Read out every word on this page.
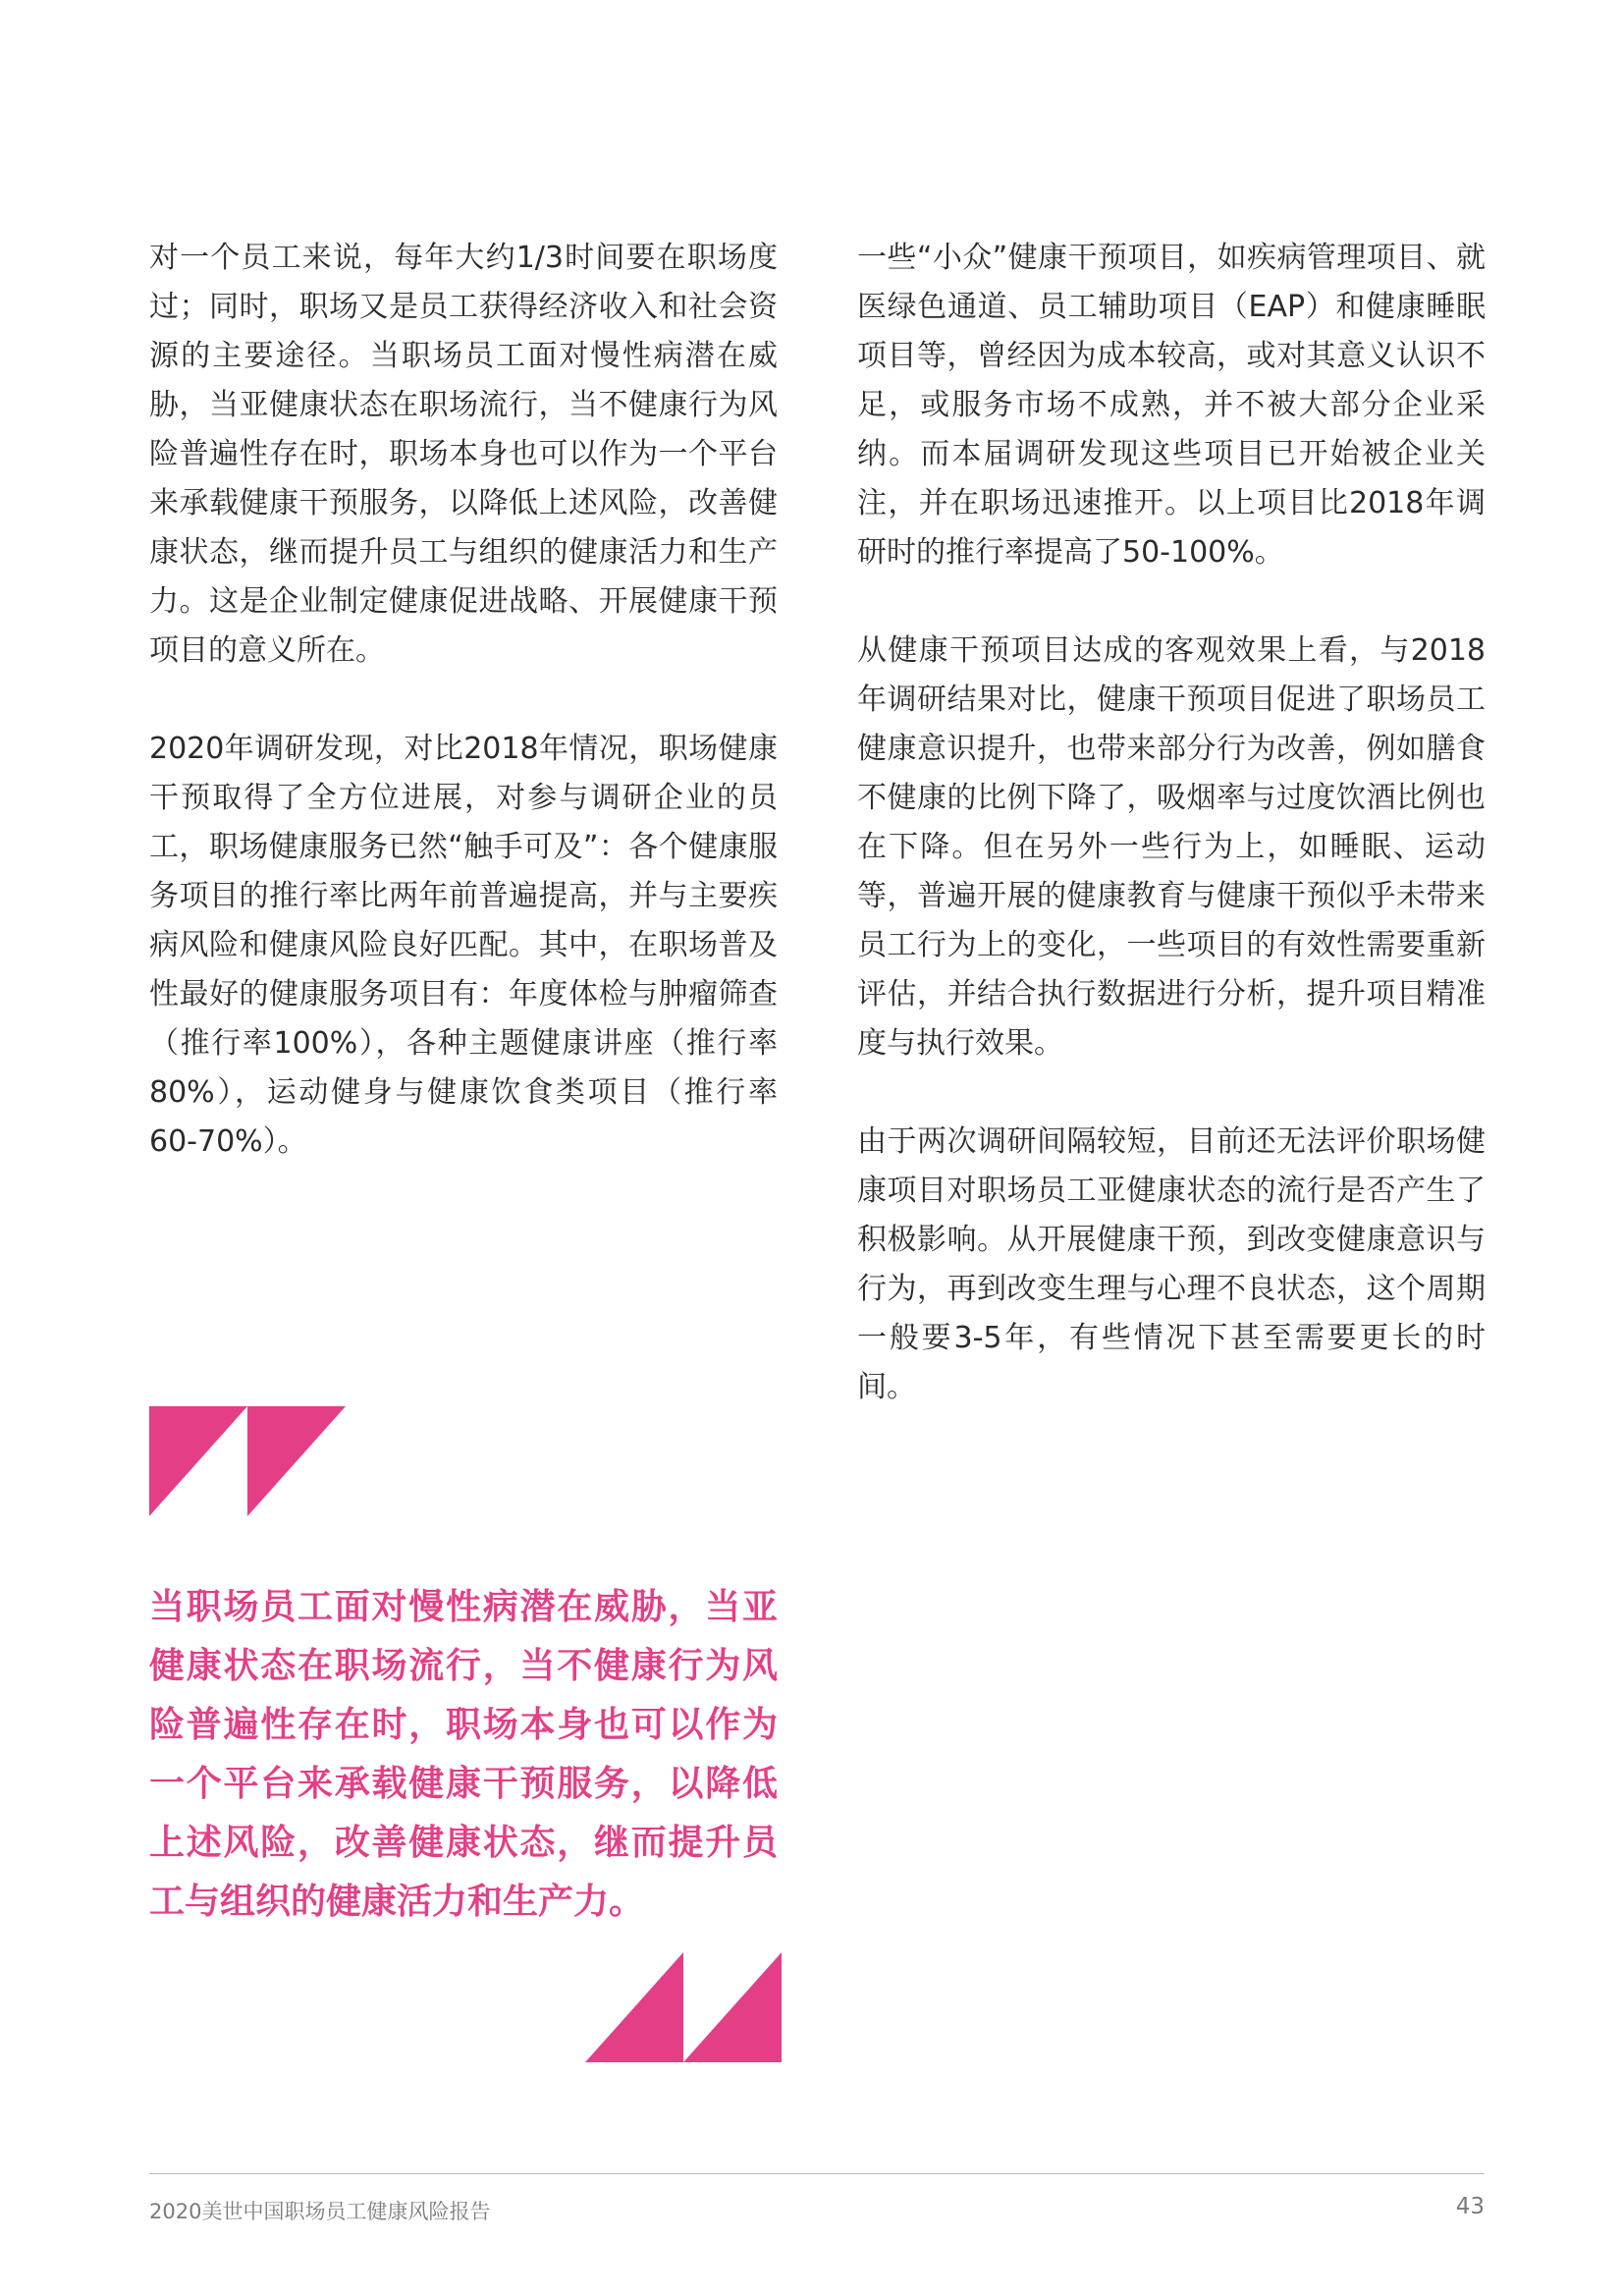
对一个员工来说，每年大约1/3时间要在职场度过；同时，职场又是员工获得经济收入和社会资源的主要途径。当职场员工面对慢性病潜在威胁，当亚健康状态在职场流行，当不健康行为风险普遍性存在时，职场本身也可以作为一个平台来承载健康干预服务，以降低上述风险，改善健康状态，继而提升员工与组织的健康活力和生产力。这是企业制定健康促进战略、开展健康干预项目的意义所在。

2020年调研发现，对比2018年情况，职场健康干预取得了全方位进展，对参与调研企业的员工，职场健康服务已然“触手可及”：各个健康服务项目的推行率比两年前普遍提高，并与主要疾病风险和健康风险良好匹配。其中，在职场普及性最好的健康服务项目有：年度体检与肿瘤筛查（推行率100%），各种主题健康讲座（推行率80%），运动健身与健康饮食类项目（推行率60-70%）。

一些“小众”健康干预项目，如疾病管理项目、就医绿色通道、员工辅助项目（EAP）和健康睡眠项目等，曾经因为成本较高，或对其意义认识不足，或服务市场不成熟，并不被大部分企业采纳。而本届调研发现这些项目已开始被企业关注，并在职场迅速推开。以上项目比2018年调研时的推行率提高了50-100%。

从健康干预项目达成的客观效果上看，与2018年调研结果对比，健康干预项目促进了职场员工健康意识提升，也带来部分行为改善，例如膳食不健康的比例下降了，吸烟率与过度饮酒比例也在下降。但在另外一些行为上，如睡眠、运动等，普遍开展的健康教育与健康干预似乎未带来员工行为上的变化，一些项目的有效性需要重新评估，并结合执行数据进行分析，提升项目精准度与执行效果。

由于两次调研间隔较短，目前还无法评价职场健康项目对职场员工亚健康状态的流行是否产生了积极影响。从开展健康干预，到改变健康意识与行为，再到改变生理与心理不良状态，这个周期一般要3-5年，有些情况下甚至需要更长的时间。

当职场员工面对慢性病潜在威胁，当亚健康状态在职场流行，当不健康行为风险普遍性存在时，职场本身也可以作为一个平台来承载健康干预服务，以降低上述风险，改善健康状态，继而提升员工与组织的健康活力和生产力。

2020美世中国职场员工健康风险报告	43
